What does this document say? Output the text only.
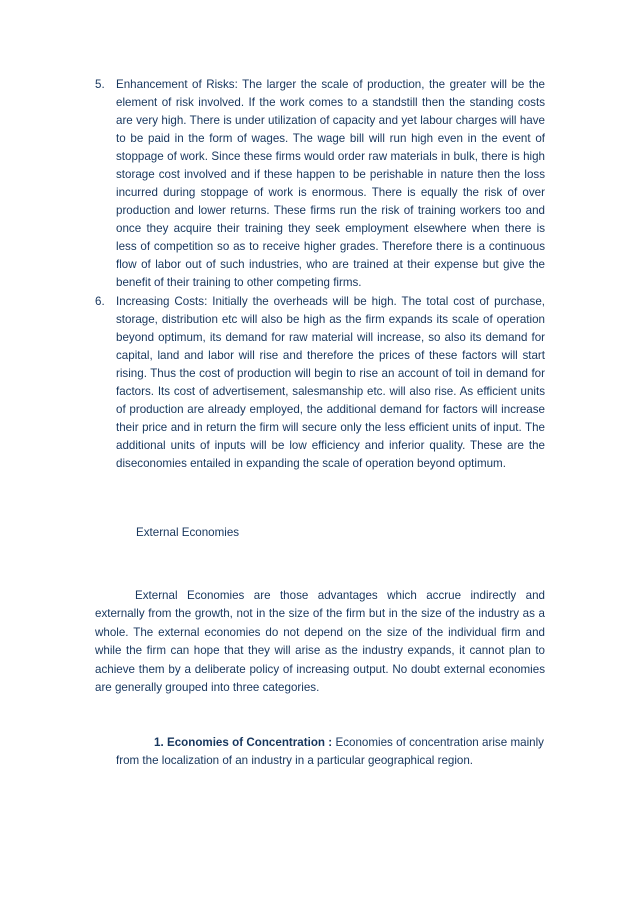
5. Enhancement of Risks: The larger the scale of production, the greater will be the element of risk involved. If the work comes to a standstill then the standing costs are very high. There is under utilization of capacity and yet labour charges will have to be paid in the form of wages. The wage bill will run high even in the event of stoppage of work. Since these firms would order raw materials in bulk, there is high storage cost involved and if these happen to be perishable in nature then the loss incurred during stoppage of work is enormous. There is equally the risk of over production and lower returns. These firms run the risk of training workers too and once they acquire their training they seek employment elsewhere when there is less of competition so as to receive higher grades. Therefore there is a continuous flow of labor out of such industries, who are trained at their expense but give the benefit of their training to other competing firms.
6. Increasing Costs: Initially the overheads will be high. The total cost of purchase, storage, distribution etc will also be high as the firm expands its scale of operation beyond optimum, its demand for raw material will increase, so also its demand for capital, land and labor will rise and therefore the prices of these factors will start rising. Thus the cost of production will begin to rise an account of toil in demand for factors. Its cost of advertisement, salesmanship etc. will also rise. As efficient units of production are already employed, the additional demand for factors will increase their price and in return the firm will secure only the less efficient units of input. The additional units of inputs will be low efficiency and inferior quality. These are the diseconomies entailed in expanding the scale of operation beyond optimum.
External Economies
External Economies are those advantages which accrue indirectly and externally from the growth, not in the size of the firm but in the size of the industry as a whole. The external economies do not depend on the size of the individual firm and while the firm can hope that they will arise as the industry expands, it cannot plan to achieve them by a deliberate policy of increasing output. No doubt external economies are generally grouped into three categories.
1. Economies of Concentration : Economies of concentration arise mainly from the localization of an industry in a particular geographical region.
